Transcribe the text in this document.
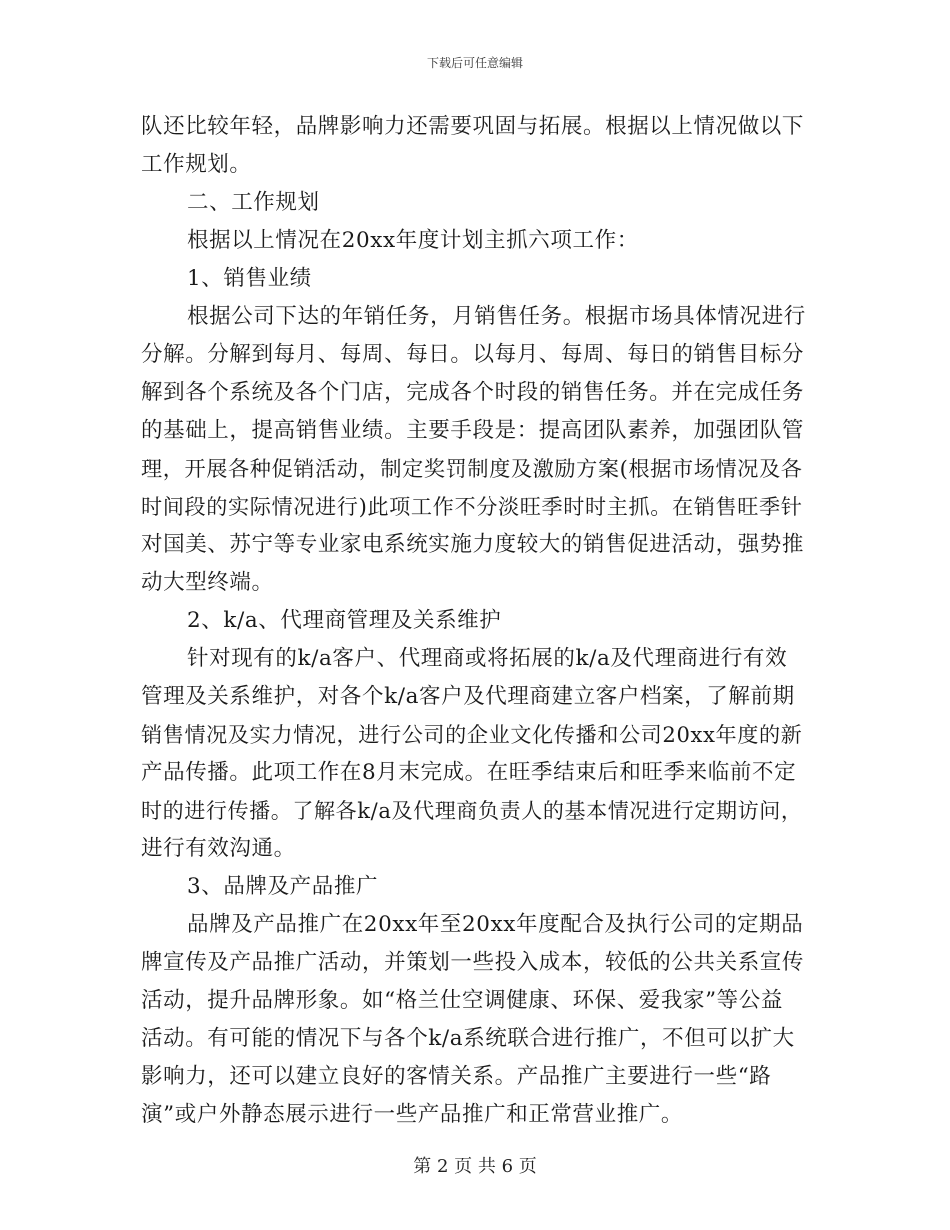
下载后可任意编辑
队还比较年轻，品牌影响力还需要巩固与拓展。根据以上情况做以下
工作规划。
二、工作规划
根据以上情况在20xx年度计划主抓六项工作：
1、销售业绩
根据公司下达的年销任务，月销售任务。根据市场具体情况进行
分解。分解到每月、每周、每日。以每月、每周、每日的销售目标分
解到各个系统及各个门店，完成各个时段的销售任务。并在完成任务
的基础上，提高销售业绩。主要手段是：提高团队素养，加强团队管
理，开展各种促销活动，制定奖罚制度及激励方案(根据市场情况及各
时间段的实际情况进行)此项工作不分淡旺季时时主抓。在销售旺季针
对国美、苏宁等专业家电系统实施力度较大的销售促进活动，强势推
动大型终端。
2、k/a、代理商管理及关系维护
针对现有的k/a客户、代理商或将拓展的k/a及代理商进行有效
管理及关系维护，对各个k/a客户及代理商建立客户档案，了解前期
销售情况及实力情况，进行公司的企业文化传播和公司20xx年度的新
产品传播。此项工作在8月末完成。在旺季结束后和旺季来临前不定
时的进行传播。了解各k/a及代理商负责人的基本情况进行定期访问，
进行有效沟通。
3、品牌及产品推广
品牌及产品推广在20xx年至20xx年度配合及执行公司的定期品
牌宣传及产品推广活动，并策划一些投入成本，较低的公共关系宣传
活动，提升品牌形象。如“格兰仕空调健康、环保、爱我家”等公益
活动。有可能的情况下与各个k/a系统联合进行推广，不但可以扩大
影响力，还可以建立良好的客情关系。产品推广主要进行一些“路
演”或户外静态展示进行一些产品推广和正常营业推广。
第 2 页 共 6 页
